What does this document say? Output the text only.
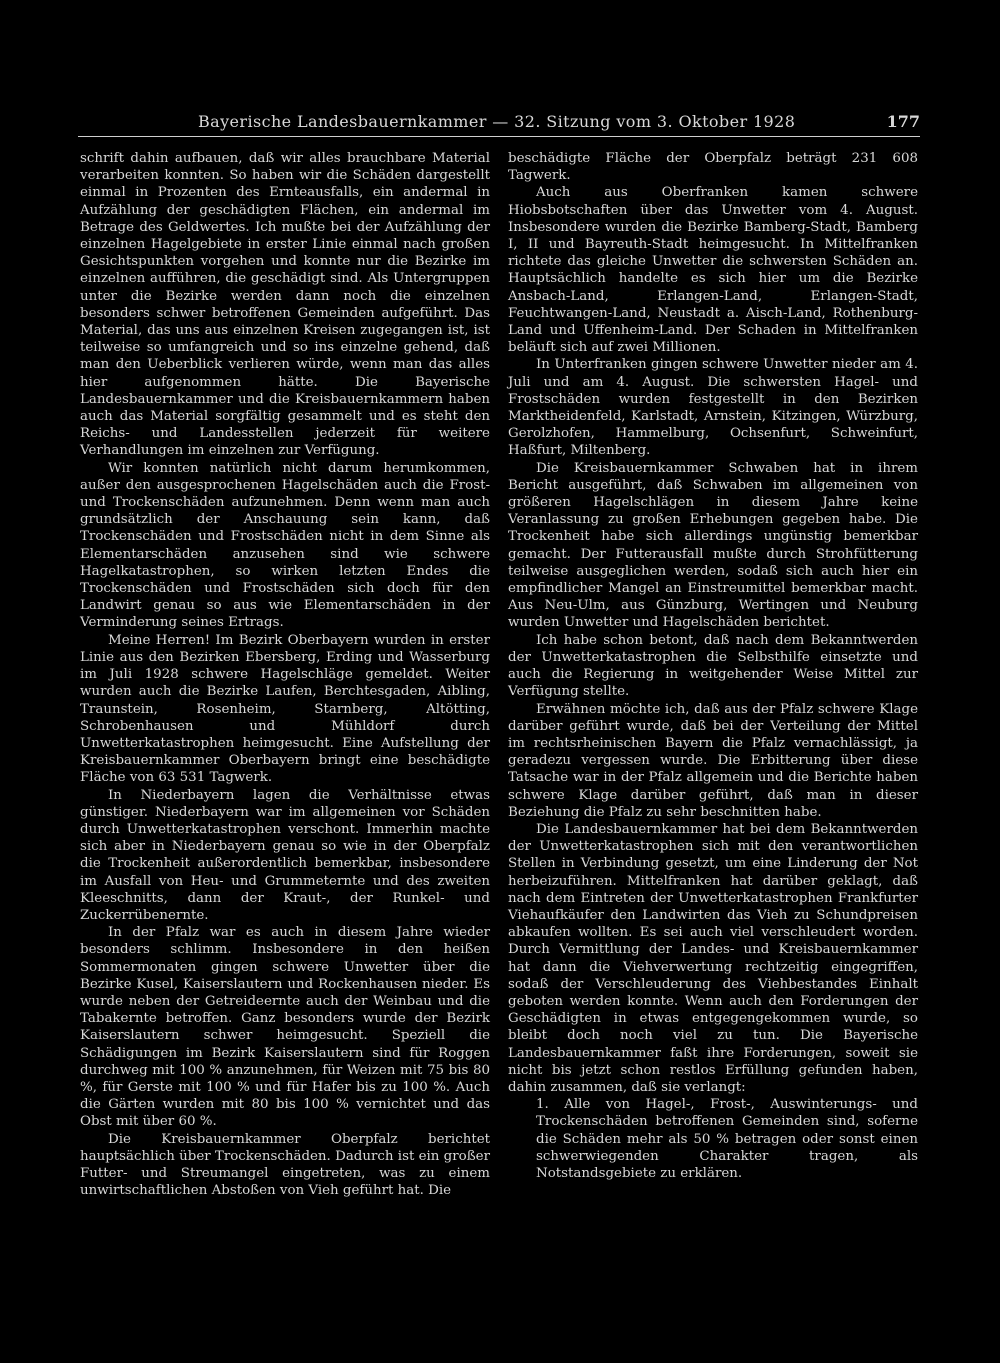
Bayerische Landesbauernkammer — 32. Sitzung vom 3. Oktober 1928	177

schrift dahin aufbauen, daß wir alles brauchbare Material verarbeiten konnten. So haben wir die Schäden dargestellt einmal in Prozenten des Ernteausfalls, ein andermal in Aufzählung der geschädigten Flächen, ein andermal im Betrage des Geldwertes. Ich mußte bei der Aufzählung der einzelnen Hagelgebiete in erster Linie einmal nach großen Gesichtspunkten vorgehen und konnte nur die Bezirke im einzelnen aufführen, die geschädigt sind. Als Untergruppen unter die Bezirke werden dann noch die einzelnen besonders schwer betroffenen Gemeinden aufgeführt. Das Material, das uns aus einzelnen Kreisen zugegangen ist, ist teilweise so umfangreich und so ins einzelne gehend, daß man den Ueberblick verlieren würde, wenn man das alles hier aufgenommen hätte. Die Bayerische Landesbauernkammer und die Kreisbauernkammern haben auch das Material sorgfältig gesammelt und es steht den Reichs- und Landesstellen jederzeit für weitere Verhandlungen im einzelnen zur Verfügung.

Wir konnten natürlich nicht darum herumkommen, außer den ausgesprochenen Hagelschäden auch die Frost- und Trockenschäden aufzunehmen. Denn wenn man auch grundsätzlich der Anschauung sein kann, daß Trockenschäden und Frostschäden nicht in dem Sinne als Elementarschäden anzusehen sind wie schwere Hagelkatastrophen, so wirken letzten Endes die Trockenschäden und Frostschäden sich doch für den Landwirt genau so aus wie Elementarschäden in der Verminderung seines Ertrags.

Meine Herren! Im Bezirk Oberbayern wurden in erster Linie aus den Bezirken Ebersberg, Erding und Wasserburg im Juli 1928 schwere Hagelschläge gemeldet. Weiter wurden auch die Bezirke Laufen, Berchtesgaden, Aibling, Traunstein, Rosenheim, Starnberg, Altötting, Schrobenhausen und Mühldorf durch Unwetterkatastrophen heimgesucht. Eine Aufstellung der Kreisbauernkammer Oberbayern bringt eine beschädigte Fläche von 63 531 Tagwerk.

In Niederbayern lagen die Verhältnisse etwas günstiger. Niederbayern war im allgemeinen vor Schäden durch Unwetterkatastrophen verschont. Immerhin machte sich aber in Niederbayern genau so wie in der Oberpfalz die Trockenheit außerordentlich bemerkbar, insbesondere im Ausfall von Heu- und Grummeternte und des zweiten Kleeschnitts, dann der Kraut-, der Runkel- und Zuckerrübenernte.

In der Pfalz war es auch in diesem Jahre wieder besonders schlimm. Insbesondere in den heißen Sommermonaten gingen schwere Unwetter über die Bezirke Kusel, Kaiserslautern und Rockenhausen nieder. Es wurde neben der Getreideernte auch der Weinbau und die Tabakernte betroffen. Ganz besonders wurde der Bezirk Kaiserslautern schwer heimgesucht. Speziell die Schädigungen im Bezirk Kaiserslautern sind für Roggen durchweg mit 100 % anzunehmen, für Weizen mit 75 bis 80 %, für Gerste mit 100 % und für Hafer bis zu 100 %. Auch die Gärten wurden mit 80 bis 100 % vernichtet und das Obst mit über 60 %.

Die Kreisbauernkammer Oberpfalz berichtet hauptsächlich über Trockenschäden. Dadurch ist ein großer Futter- und Streumangel eingetreten, was zu einem unwirtschaftlichen Abstoßen von Vieh geführt hat. Die

beschädigte Fläche der Oberpfalz beträgt 231 608 Tagwerk.

Auch aus Oberfranken kamen schwere Hiobsbotschaften über das Unwetter vom 4. August. Insbesondere wurden die Bezirke Bamberg-Stadt, Bamberg I, II und Bayreuth-Stadt heimgesucht. In Mittelfranken richtete das gleiche Unwetter die schwersten Schäden an. Hauptsächlich handelte es sich hier um die Bezirke Ansbach-Land, Erlangen-Land, Erlangen-Stadt, Feuchtwangen-Land, Neustadt a. Aisch-Land, Rothenburg-Land und Uffenheim-Land. Der Schaden in Mittelfranken beläuft sich auf zwei Millionen.

In Unterfranken gingen schwere Unwetter nieder am 4. Juli und am 4. August. Die schwersten Hagel- und Frostschäden wurden festgestellt in den Bezirken Marktheidenfeld, Karlstadt, Arnstein, Kitzingen, Würzburg, Gerolzhofen, Hammelburg, Ochsenfurt, Schweinfurt, Haßfurt, Miltenberg.

Die Kreisbauernkammer Schwaben hat in ihrem Bericht ausgeführt, daß Schwaben im allgemeinen von größeren Hagelschlägen in diesem Jahre keine Veranlassung zu großen Erhebungen gegeben habe. Die Trockenheit habe sich allerdings ungünstig bemerkbar gemacht. Der Futterausfall mußte durch Strohfütterung teilweise ausgeglichen werden, sodaß sich auch hier ein empfindlicher Mangel an Einstreumittel bemerkbar macht. Aus Neu-Ulm, aus Günzburg, Wertingen und Neuburg wurden Unwetter und Hagelschäden berichtet.

Ich habe schon betont, daß nach dem Bekanntwerden der Unwetterkatastrophen die Selbsthilfe einsetzte und auch die Regierung in weitgehender Weise Mittel zur Verfügung stellte.

Erwähnen möchte ich, daß aus der Pfalz schwere Klage darüber geführt wurde, daß bei der Verteilung der Mittel im rechtsrheinischen Bayern die Pfalz vernachlässigt, ja geradezu vergessen wurde. Die Erbitterung über diese Tatsache war in der Pfalz allgemein und die Berichte haben schwere Klage darüber geführt, daß man in dieser Beziehung die Pfalz zu sehr beschnitten habe.

Die Landesbauernkammer hat bei dem Bekanntwerden der Unwetterkatastrophen sich mit den verantwortlichen Stellen in Verbindung gesetzt, um eine Linderung der Not herbeizuführen. Mittelfranken hat darüber geklagt, daß nach dem Eintreten der Unwetterkatastrophen Frankfurter Viehaufkäufer den Landwirten das Vieh zu Schundpreisen abkaufen wollten. Es sei auch viel verschleudert worden. Durch Vermittlung der Landes- und Kreisbauernkammer hat dann die Viehverwertung rechtzeitig eingegriffen, sodaß der Verschleuderung des Viehbestandes Einhalt geboten werden konnte. Wenn auch den Forderungen der Geschädigten in etwas entgegengekommen wurde, so bleibt doch noch viel zu tun. Die Bayerische Landesbauernkammer faßt ihre Forderungen, soweit sie nicht bis jetzt schon restlos Erfüllung gefunden haben, dahin zusammen, daß sie verlangt:

1. Alle von Hagel-, Frost-, Auswinterungs- und Trockenschäden betroffenen Gemeinden sind, soferne die Schäden mehr als 50 % betragen oder sonst einen schwerwiegenden Charakter tragen, als Notstandsgebiete zu erklären.
